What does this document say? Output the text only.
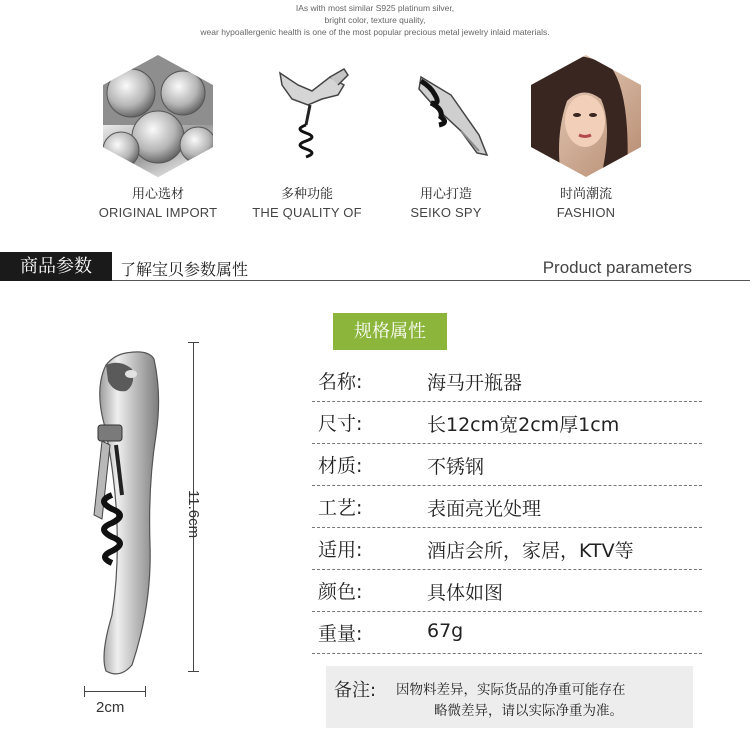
IAs with most similar S925 platinum silver,
bright color, texture quality,
wear hypoallergenic health is one of the most popular precious metal jewelry inlaid materials.
用心选材
ORIGINAL IMPORT
多种功能
THE QUALITY OF
用心打造
SEIKO SPY
时尚潮流
FASHION
商品参数	了解宝贝参数属性	Product parameters
11.6cm
2cm
规格属性
名称:	海马开瓶器
尺寸:	长12cm宽2cm厚1cm
材质:	不锈钢
工艺:	表面亮光处理
适用:	酒店会所，家居，KTV等
颜色:	具体如图
重量:	67g
备注: 因物料差异，实际货品的净重可能存在
略微差异，请以实际净重为准。
